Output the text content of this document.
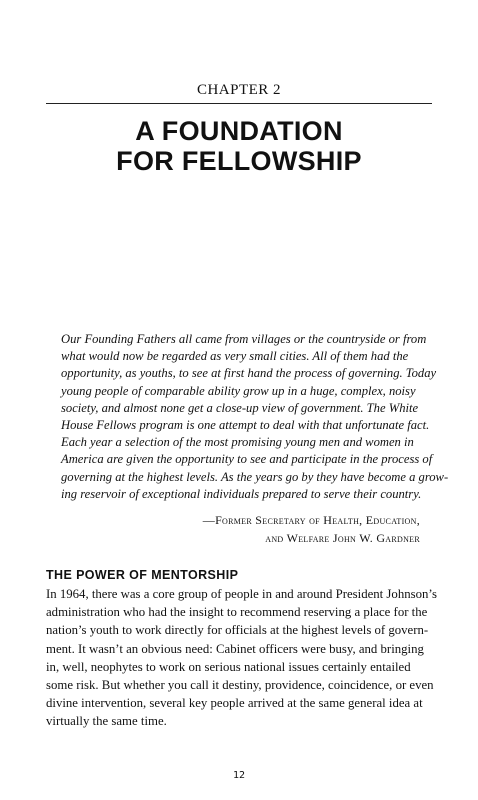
CHAPTER 2
A FOUNDATION
FOR FELLOWSHIP
Our Founding Fathers all came from villages or the countryside or from
what would now be regarded as very small cities. All of them had the
opportunity, as youths, to see at first hand the process of governing. Today
young people of comparable ability grow up in a huge, complex, noisy
society, and almost none get a close-up view of government. The White
House Fellows program is one attempt to deal with that unfortunate fact.
Each year a selection of the most promising young men and women in
America are given the opportunity to see and participate in the process of
governing at the highest levels. As the years go by they have become a grow-
ing reservoir of exceptional individuals prepared to serve their country.
—Former Secretary of Health, Education,
and Welfare John W. Gardner
THE POWER OF MENTORSHIP
In 1964, there was a core group of people in and around President Johnson’s
administration who had the insight to recommend reserving a place for the
nation’s youth to work directly for officials at the highest levels of govern-
ment. It wasn’t an obvious need: Cabinet officers were busy, and bringing
in, well, neophytes to work on serious national issues certainly entailed
some risk. But whether you call it destiny, providence, coincidence, or even
divine intervention, several key people arrived at the same general idea at
virtually the same time.
12
